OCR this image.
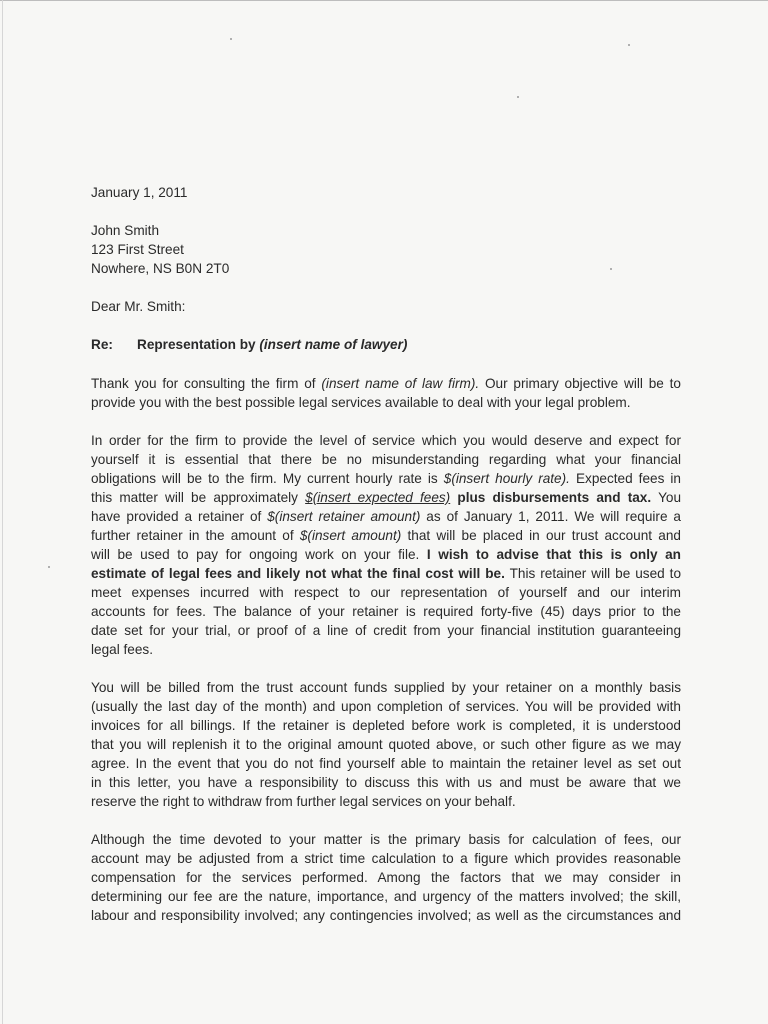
January 1, 2011
John Smith
123 First Street
Nowhere, NS B0N 2T0
Dear Mr. Smith:
Re: Representation by (insert name of lawyer)
Thank you for consulting the firm of (insert name of law firm). Our primary objective will be to
provide you with the best possible legal services available to deal with your legal problem.
In order for the firm to provide the level of service which you would deserve and expect for
yourself it is essential that there be no misunderstanding regarding what your financial
obligations will be to the firm. My current hourly rate is $(insert hourly rate). Expected fees in
this matter will be approximately $(insert expected fees) plus disbursements and tax. You
have provided a retainer of $(insert retainer amount) as of January 1, 2011. We will require a
further retainer in the amount of $(insert amount) that will be placed in our trust account and
will be used to pay for ongoing work on your file. I wish to advise that this is only an
estimate of legal fees and likely not what the final cost will be. This retainer will be used to
meet expenses incurred with respect to our representation of yourself and our interim
accounts for fees. The balance of your retainer is required forty-five (45) days prior to the
date set for your trial, or proof of a line of credit from your financial institution guaranteeing
legal fees.
You will be billed from the trust account funds supplied by your retainer on a monthly basis
(usually the last day of the month) and upon completion of services. You will be provided with
invoices for all billings. If the retainer is depleted before work is completed, it is understood
that you will replenish it to the original amount quoted above, or such other figure as we may
agree. In the event that you do not find yourself able to maintain the retainer level as set out
in this letter, you have a responsibility to discuss this with us and must be aware that we
reserve the right to withdraw from further legal services on your behalf.
Although the time devoted to your matter is the primary basis for calculation of fees, our
account may be adjusted from a strict time calculation to a figure which provides reasonable
compensation for the services performed. Among the factors that we may consider in
determining our fee are the nature, importance, and urgency of the matters involved; the skill,
labour and responsibility involved; any contingencies involved; as well as the circumstances and
